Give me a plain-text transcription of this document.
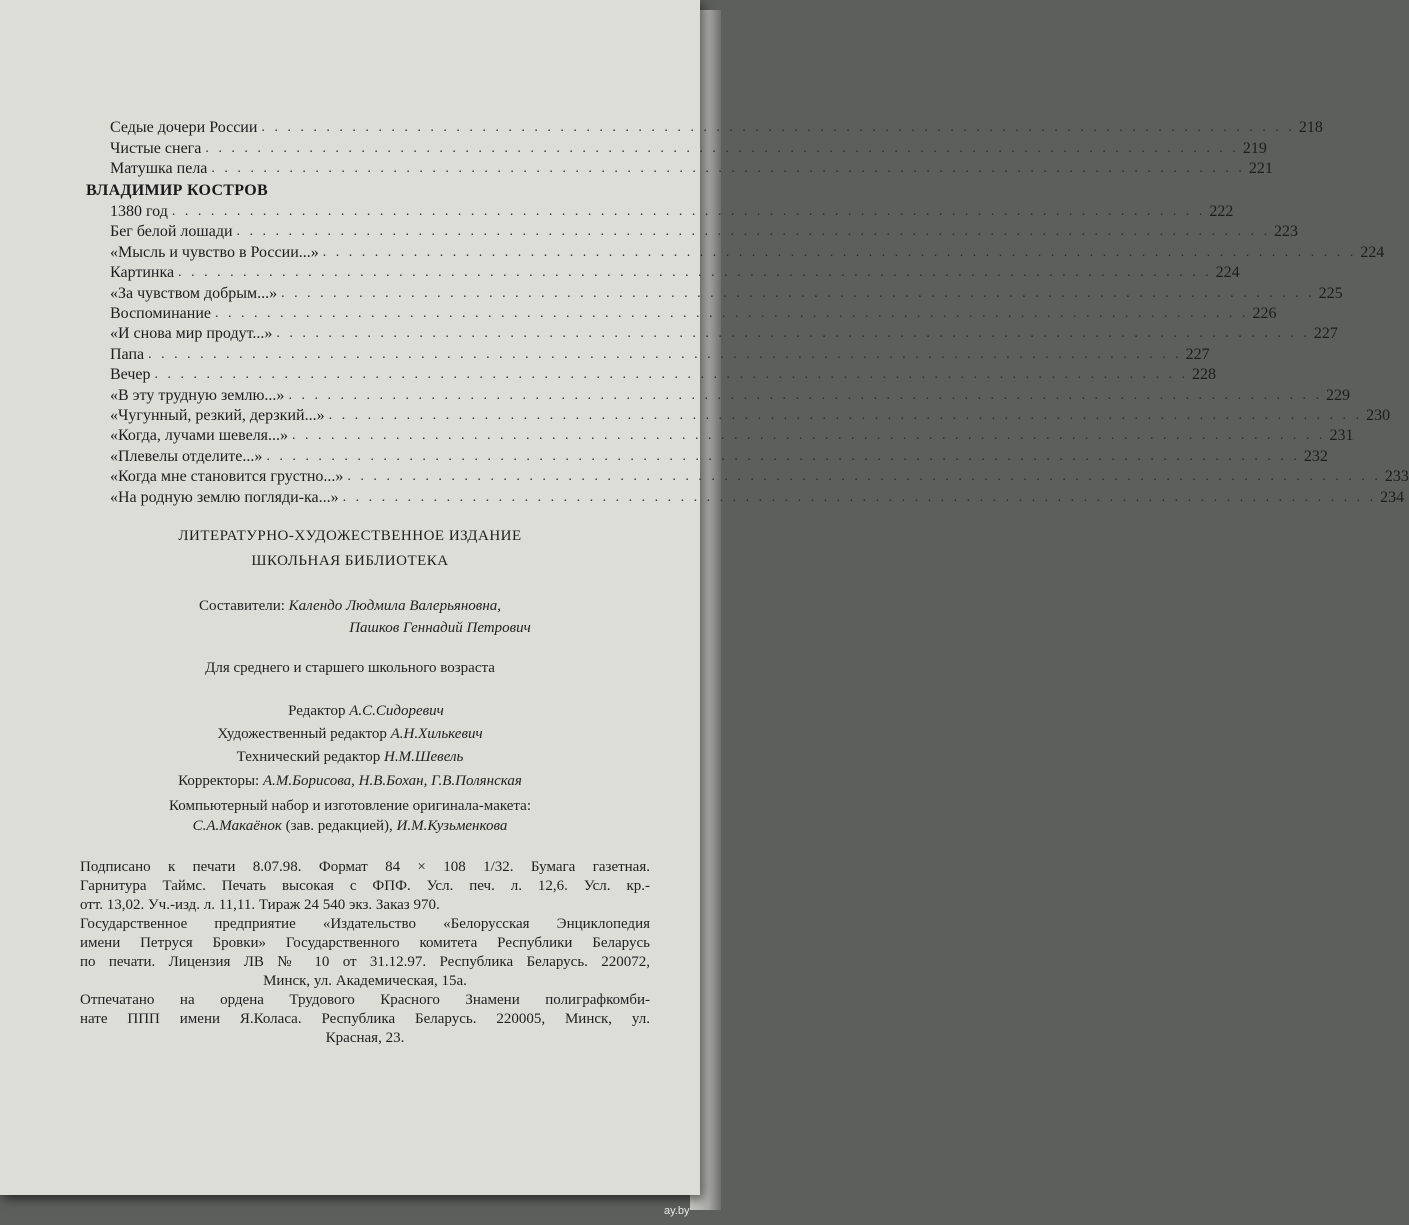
Седые дочери России . . . . . . . . . . . . . . . . . . . . . . . . . . . . . . . . . . . . . . . . . . . . . . . . . . . . . . . . . . . . . . . . . . . . . . . . . . . . . . . . 218
Чистые снега . . . . . . . . . . . . . . . . . . . . . . . . . . . . . . . . . . . . . . . . . . . . . . . . . . . . . . . . . . . . . . . . . . . . . . . . . . . . . . . . 219
Матушка пела . . . . . . . . . . . . . . . . . . . . . . . . . . . . . . . . . . . . . . . . . . . . . . . . . . . . . . . . . . . . . . . . . . . . . . . . . . . . . . . . 221
ВЛАДИМИР КОСТРОВ
1380 год . . . . . . . . . . . . . . . . . . . . . . . . . . . . . . . . . . . . . . . . . . . . . . . . . . . . . . . . . . . . . . . . . . . . . . . . . . . . . . . . 222
Бег белой лошади . . . . . . . . . . . . . . . . . . . . . . . . . . . . . . . . . . . . . . . . . . . . . . . . . . . . . . . . . . . . . . . . . . . . . . . . . . . . . . . . 223
«Мысль и чувство в России...» . . . . . . . . . . . . . . . . . . . . . . . . . . . . . . . . . . . . . . . . . . . . . . . . . . . . . . . . . . . . . . . . . . . . . . . . . . . . . . . . 224
Картинка . . . . . . . . . . . . . . . . . . . . . . . . . . . . . . . . . . . . . . . . . . . . . . . . . . . . . . . . . . . . . . . . . . . . . . . . . . . . . . . . 224
«За чувством добрым...» . . . . . . . . . . . . . . . . . . . . . . . . . . . . . . . . . . . . . . . . . . . . . . . . . . . . . . . . . . . . . . . . . . . . . . . . . . . . . . . . 225
Воспоминание . . . . . . . . . . . . . . . . . . . . . . . . . . . . . . . . . . . . . . . . . . . . . . . . . . . . . . . . . . . . . . . . . . . . . . . . . . . . . . . . 226
«И снова мир продут...» . . . . . . . . . . . . . . . . . . . . . . . . . . . . . . . . . . . . . . . . . . . . . . . . . . . . . . . . . . . . . . . . . . . . . . . . . . . . . . . . 227
Папа . . . . . . . . . . . . . . . . . . . . . . . . . . . . . . . . . . . . . . . . . . . . . . . . . . . . . . . . . . . . . . . . . . . . . . . . . . . . . . . . 227
Вечер . . . . . . . . . . . . . . . . . . . . . . . . . . . . . . . . . . . . . . . . . . . . . . . . . . . . . . . . . . . . . . . . . . . . . . . . . . . . . . . . 228
«В эту трудную землю...» . . . . . . . . . . . . . . . . . . . . . . . . . . . . . . . . . . . . . . . . . . . . . . . . . . . . . . . . . . . . . . . . . . . . . . . . . . . . . . . . 229
«Чугунный, резкий, дерзкий...» . . . . . . . . . . . . . . . . . . . . . . . . . . . . . . . . . . . . . . . . . . . . . . . . . . . . . . . . . . . . . . . . . . . . . . . . . . . . . . . . 230
«Когда, лучами шевеля...» . . . . . . . . . . . . . . . . . . . . . . . . . . . . . . . . . . . . . . . . . . . . . . . . . . . . . . . . . . . . . . . . . . . . . . . . . . . . . . . . 231
«Плевелы отделите...» . . . . . . . . . . . . . . . . . . . . . . . . . . . . . . . . . . . . . . . . . . . . . . . . . . . . . . . . . . . . . . . . . . . . . . . . . . . . . . . . 232
«Когда мне становится грустно...» . . . . . . . . . . . . . . . . . . . . . . . . . . . . . . . . . . . . . . . . . . . . . . . . . . . . . . . . . . . . . . . . . . . . . . . . . . . . . . . . 233
«На родную землю погляди-ка...» . . . . . . . . . . . . . . . . . . . . . . . . . . . . . . . . . . . . . . . . . . . . . . . . . . . . . . . . . . . . . . . . . . . . . . . . . . . . . . . . 234
ЛИТЕРАТУРНО-ХУДОЖЕСТВЕННОЕ ИЗДАНИЕ
ШКОЛЬНАЯ БИБЛИОТЕКА
Составители: Календо Людмила Валерьяновна,
Пашков Геннадий Петрович
Для среднего и старшего школьного возраста
Редактор А.С.Сидоревич
Художественный редактор А.Н.Хилькевич
Технический редактор Н.М.Шевель
Корректоры: А.М.Борисова, Н.В.Бохан, Г.В.Полянская
Компьютерный набор и изготовление оригинала-макета:
С.А.Макаёнок (зав. редакцией), И.М.Кузьменкова
Подписано к печати 8.07.98. Формат 84 × 108 1/32. Бумага газетная.
Гарнитура Таймс. Печать высокая с ФПФ. Усл. печ. л. 12,6. Усл. кр.-
отт. 13,02. Уч.-изд. л. 11,11. Тираж 24 540 экз. Заказ 970.
Государственное предприятие «Издательство «Белорусская Энциклопедия
имени Петруся Бровки» Государственного комитета Республики Беларусь
по печати. Лицензия ЛВ № 10 от 31.12.97. Республика Беларусь. 220072,
Минск, ул. Академическая, 15а.
Отпечатано на ордена Трудового Красного Знамени полиграфкомби-
нате ППП имени Я.Коласа. Республика Беларусь. 220005, Минск, ул.
Красная, 23.
ay.by
